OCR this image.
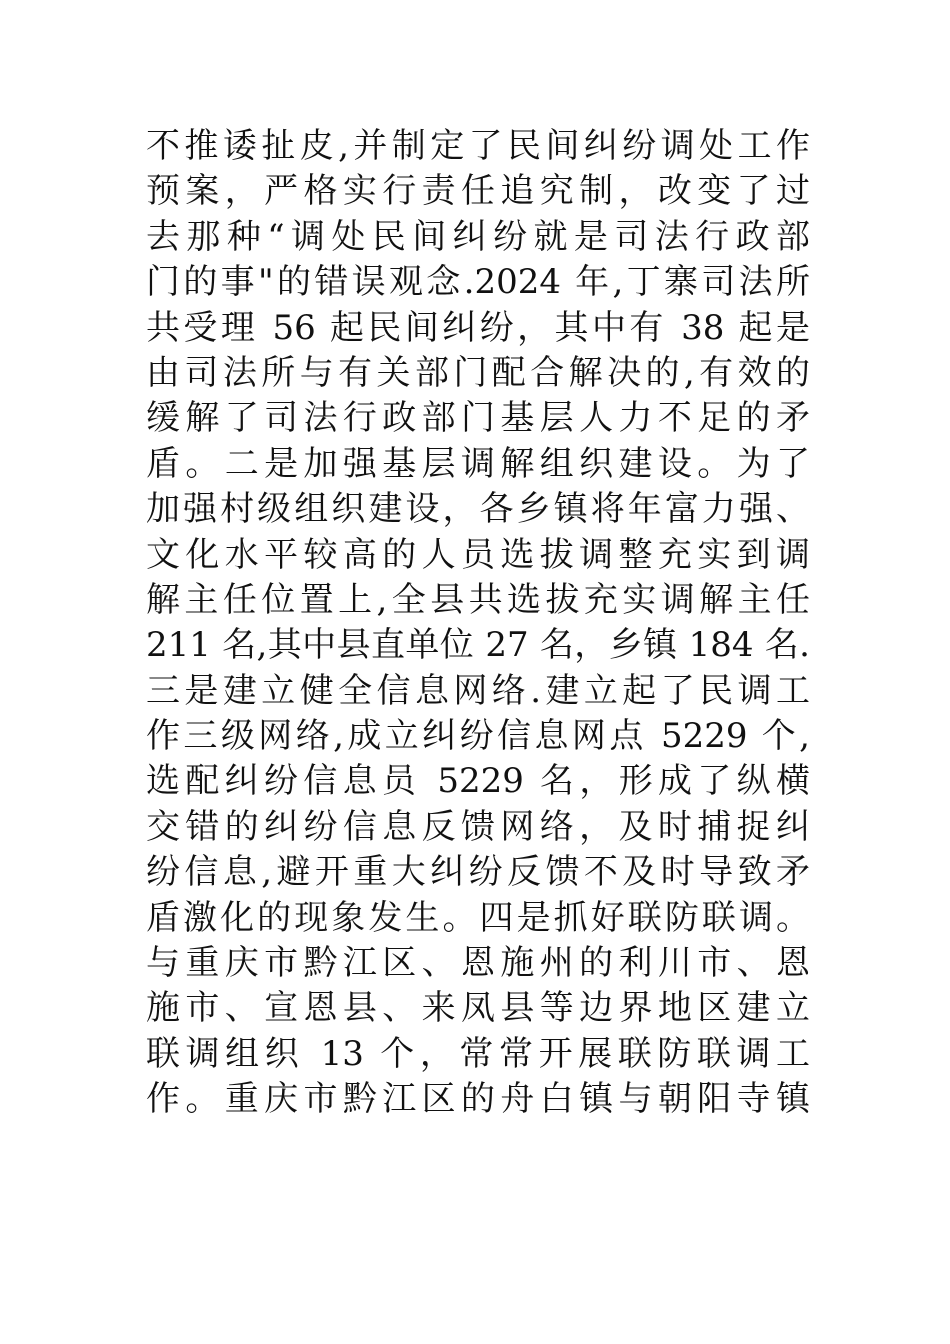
不推诿扯皮,并制定了民间纠纷调处工作
预案，严格实行责任追究制，改变了过
去那种“调处民间纠纷就是司法行政部
门的事"的错误观念.2024 年,丁寨司法所
共受理 56 起民间纠纷，其中有 38 起是
由司法所与有关部门配合解决的,有效的
缓解了司法行政部门基层人力不足的矛
盾。二是加强基层调解组织建设。为了
加强村级组织建设，各乡镇将年富力强、
文化水平较高的人员选拔调整充实到调
解主任位置上,全县共选拔充实调解主任
211 名,其中县直单位 27 名，乡镇 184 名.
三是建立健全信息网络.建立起了民调工
作三级网络,成立纠纷信息网点 5229 个,
选配纠纷信息员 5229 名，形成了纵横
交错的纠纷信息反馈网络，及时捕捉纠
纷信息,避开重大纠纷反馈不及时导致矛
盾激化的现象发生。四是抓好联防联调。
与重庆市黔江区、恩施州的利川市、恩
施市、宣恩县、来凤县等边界地区建立
联调组织 13 个，常常开展联防联调工
作。重庆市黔江区的舟白镇与朝阳寺镇
